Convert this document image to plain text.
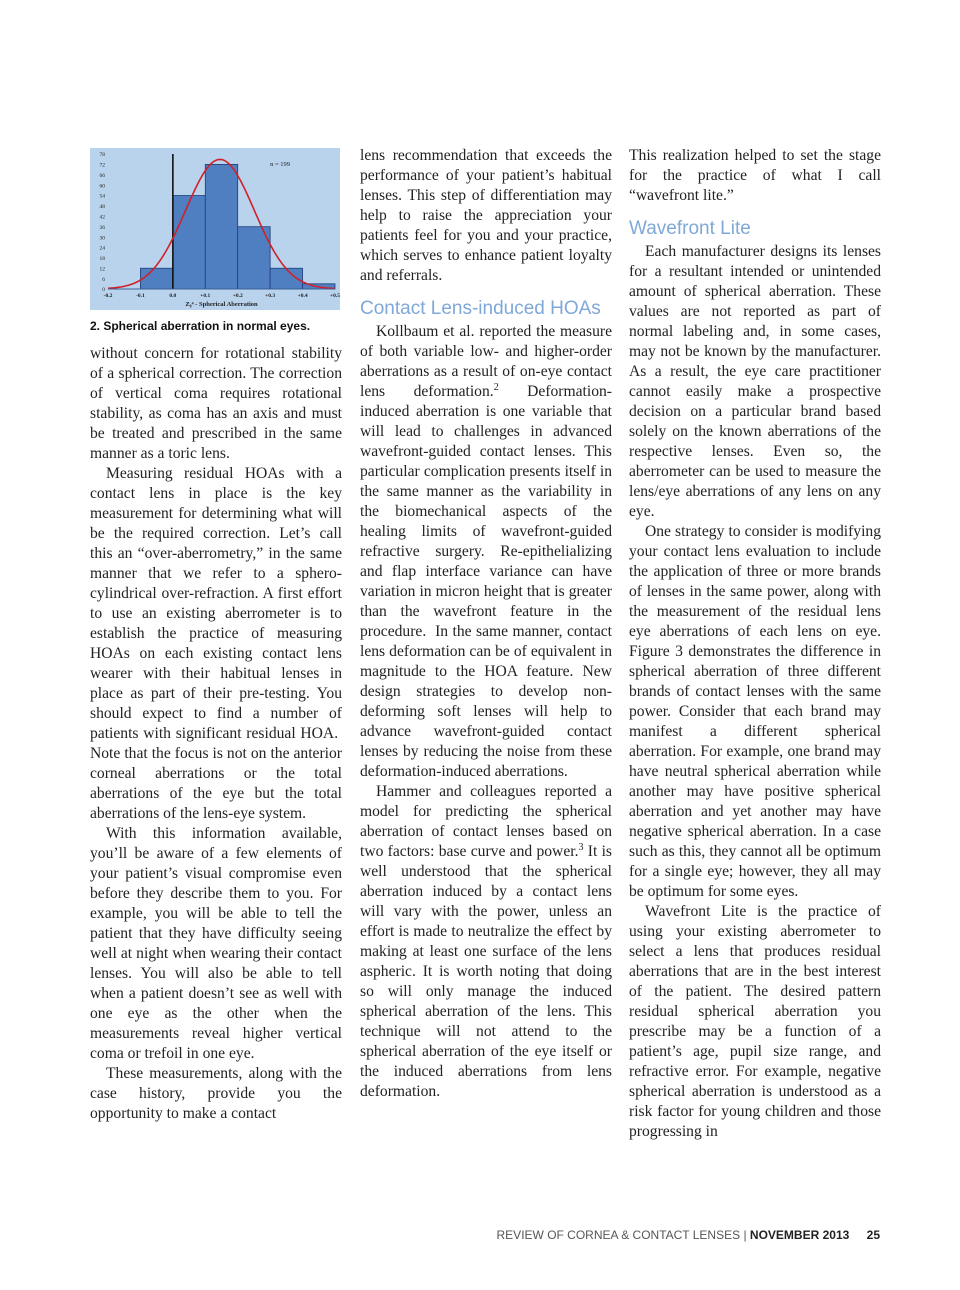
0
6
12
18
24
30
36
42
48
54
60
66
72
78
-0.2	-0.1	0.0	+0.1	+0.2	+0.3	+0.4	+0.5
n = 199
Z₀⁴ - Spherical Aberration
2. Spherical aberration in normal eyes.

without concern for rotational stability of a spherical correction. The correction of vertical coma requires rotational stability, as coma has an axis and must be treated and prescribed in the same manner as a toric lens.

Measuring residual HOAs with a contact lens in place is the key measurement for determining what will be the required correction. Let’s call this an “over-aberrometry,” in the same manner that we refer to a sphero-cylindrical over-refraction. A first effort to use an existing aberrometer is to establish the practice of measuring HOAs on each existing contact lens wearer with their habitual lenses in place as part of their pre-testing. You should expect to find a number of patients with significant residual HOA.  Note that the focus is not on the anterior corneal aberrations or the total aberrations of the eye but the total aberrations of the lens-eye system.

With this information available, you’ll be aware of a few elements of your patient’s visual compromise even before they describe them to you. For example, you will be able to tell the patient that they have difficulty seeing well at night when wearing their contact lenses. You will also be able to tell when a patient doesn’t see as well with one eye as the other when the measurements reveal higher vertical coma or trefoil in one eye.

These measurements, along with the case history, provide you the opportunity to make a contact

lens recommendation that exceeds the performance of your patient’s habitual lenses. This step of differentiation may help to raise the appreciation your patients feel for you and your practice, which serves to enhance patient loyalty and referrals.

Contact Lens-induced HOAs

Kollbaum et al. reported the measure of both variable low- and higher-order aberrations as a result of on-eye contact lens deformation.$^2$ Deformation-induced aberration is one variable that will lead to challenges in advanced wavefront-guided contact lenses. This particular complication presents itself in the same manner as the variability in the biomechanical aspects of the healing limits of wavefront-guided refractive surgery. Re-epithelializing and flap interface variance can have variation in micron height that is greater than the wavefront feature in the procedure.  In the same manner, contact lens deformation can be of equivalent in magnitude to the HOA feature. New design strategies to develop non-deforming soft lenses will help to advance wavefront-guided contact lenses by reducing the noise from these deformation-induced aberrations.

Hammer and colleagues reported a model for predicting the spherical aberration of contact lenses based on two factors: base curve and power.$^3$ It is well understood that the spherical aberration induced by a contact lens will vary with the power, unless an effort is made to neutralize the effect by making at least one surface of the lens aspheric. It is worth noting that doing so will only manage the induced spherical aberration of the lens. This technique will not attend to the spherical aberration of the eye itself or the induced aberrations from lens deformation.

This realization helped to set the stage for the practice of what I call “wavefront lite.”

Wavefront Lite

Each manufacturer designs its lenses for a resultant intended or unintended amount of spherical aberration. These values are not reported as part of normal labeling and, in some cases, may not be known by the manufacturer. As a result, the eye care practitioner cannot easily make a prospective decision on a particular brand based solely on the known aberrations of the respective lenses. Even so, the aberrometer can be used to measure the lens/eye aberrations of any lens on any eye.

One strategy to consider is modifying your contact lens evaluation to include the application of three or more brands of lenses in the same power, along with the measurement of the residual lens eye aberrations of each lens on eye. Figure 3 demonstrates the difference in spherical aberration of three different brands of contact lenses with the same power. Consider that each brand may manifest a different spherical aberration. For example, one brand may have neutral spherical aberration while another may have positive spherical aberration and yet another may have negative spherical aberration. In a case such as this, they cannot all be optimum for a single eye; however, they all may be optimum for some eyes.

Wavefront Lite is the practice of using your existing aberrometer to select a lens that produces residual aberrations that are in the best interest of the patient. The desired pattern residual spherical aberration you prescribe may be a function of a patient’s age, pupil size range, and refractive error. For example, negative spherical aberration is understood as a risk factor for young children and those progressing in

REVIEW OF CORNEA & CONTACT LENSES | NOVEMBER 2013 25
